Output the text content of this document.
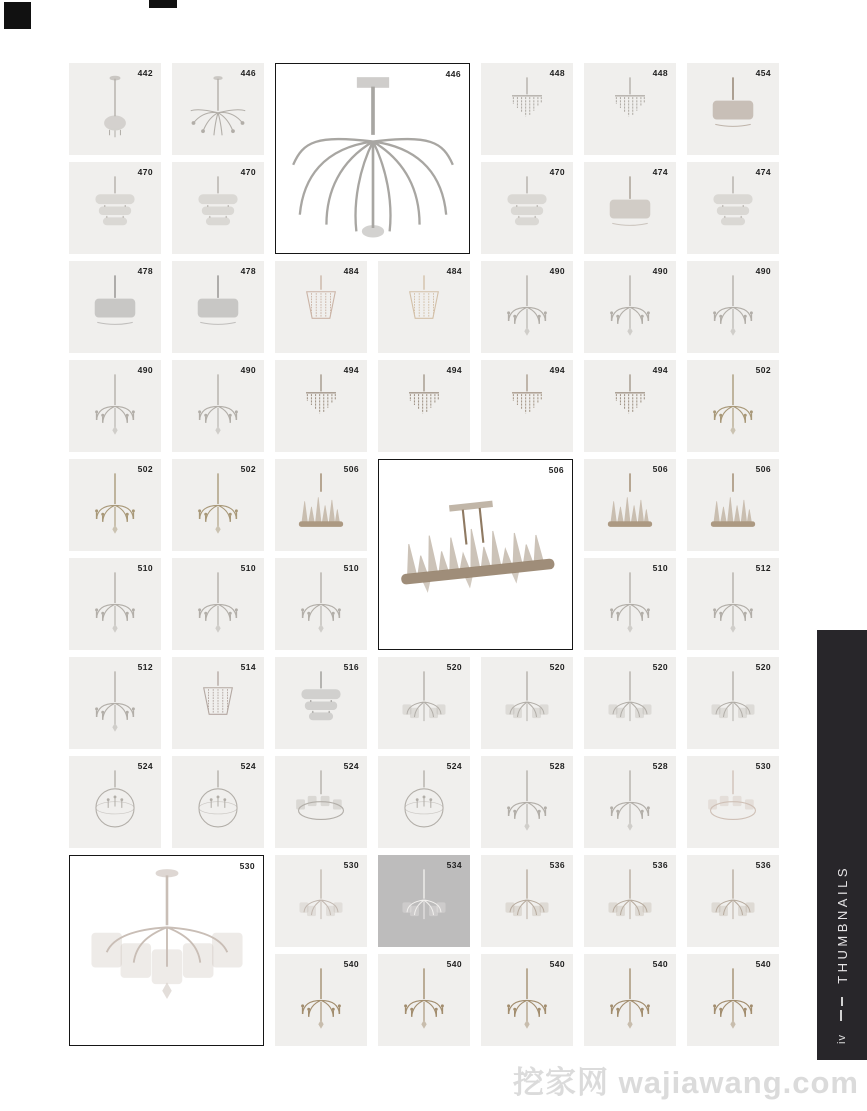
442	446	446	448	448	454
470	470	470	474	474
478	478	484	484	490	490	490
490	490	494	494	494	494	502
502	502	506	506	506	506
510	510	510	510	512
512	514	516	520	520	520	520
524	524	524	524	528	528	530
530	530	534	536	536	536
540	540	540	540	540	THUMBNAILS
iv
挖家网 wajiawang.com
